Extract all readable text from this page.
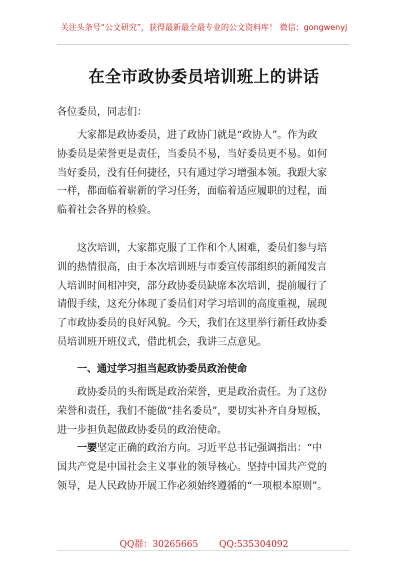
关注头条号“公文研究”，获得最新最全最专业的公文资料库！ 微信：gongwenyj
在全市政协委员培训班上的讲话
各位委员，同志们：
大家都是政协委员，进了政协门就是“政协人”。作为政
协委员是荣誉更是责任，当委员不易，当好委员更不易。如何
当好委员，没有任何捷径，只有通过学习增强本领。我跟大家
一样，都面临着崭新的学习任务，面临着适应履职的过程，面
临着社会各界的检验。
这次培训，大家都克服了工作和个人困难，委员们参与培
训的热情很高，由于本次培训班与市委宣传部组织的新闻发言
人培训时间相冲突，部分政协委员缺席本次培训，提前履行了
请假手续，这充分体现了委员们对学习培训的高度重视，展现
了市政协委员的良好风貌。今天，我们在这里举行新任政协委
员培训班开班仪式，借此机会，我讲三点意见。
一、通过学习担当起政协委员政治使命
政协委员的头衔既是政治荣誉，更是政治责任。为了这份
荣誉和责任，我们不能做“挂名委员”，要切实补齐自身短板，
进一步担负起做政协委员的政治使命。
一要坚定正确的政治方向。习近平总书记强调指出：“中
国共产党是中国社会主义事业的领导核心。坚持中国共产党的
领导，是人民政协开展工作必须始终遵循的“一项根本原则”。
QQ群：30265665 QQ:535304092
